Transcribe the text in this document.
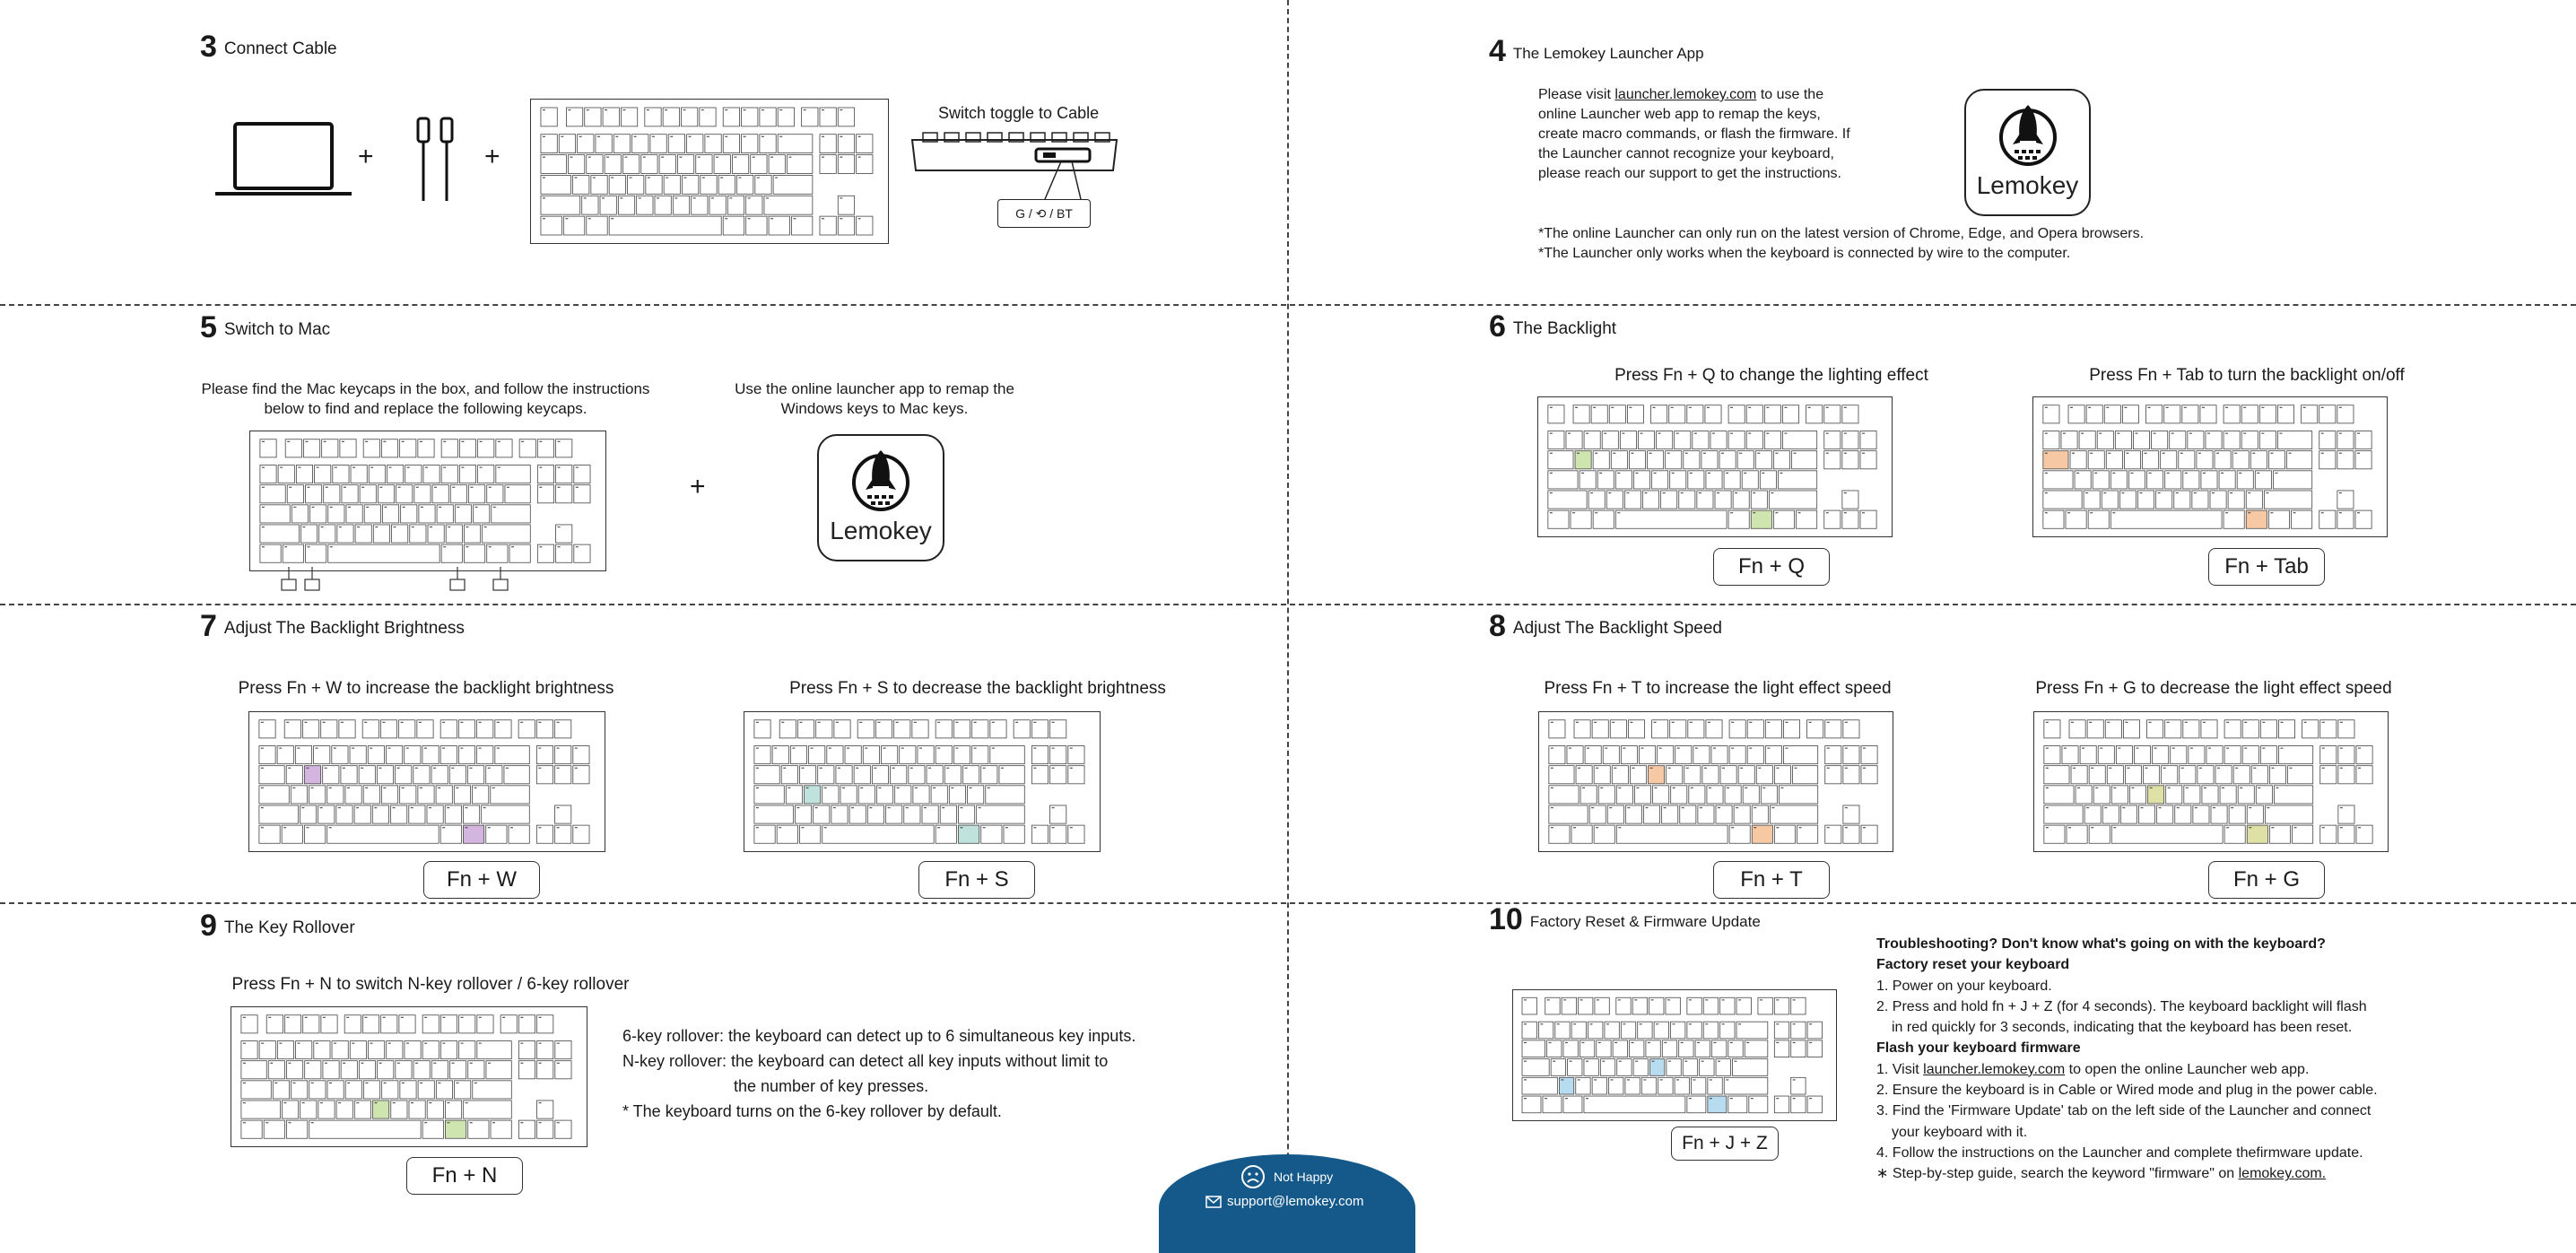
3 Connect Cable
+	+
Switch toggle to Cable
G / ⟲ / BT
4 The Lemokey Launcher App
Please visit launcher.lemokey.com to use the online Launcher web app to remap the keys, create macro commands, or flash the firmware. If the Launcher cannot recognize your keyboard, please reach our support to get the instructions.	Lemokey
*The online Launcher can only run on the latest version of Chrome, Edge, and Opera browsers.
*The Launcher only works when the keyboard is connected by wire to the computer.
5 Switch to Mac
Please find the Mac keycaps in the box, and follow the instructions below to find and replace the following keycaps.
+
Use the online launcher app to remap the Windows keys to Mac keys.
Lemokey
6 The Backlight
Press Fn + Q to change the lighting effect
Fn + Q
Press Fn + Tab to turn the backlight on/off
Fn + Tab
7 Adjust The Backlight Brightness
Press Fn + W to increase the backlight brightness
Fn + W
Press Fn + S to decrease the backlight brightness
Fn + S
8 Adjust The Backlight Speed
Press Fn + T to increase the light effect speed
Fn + T
Press Fn + G to decrease the light effect speed
Fn + G
9 The Key Rollover
Press Fn + N to switch N-key rollover / 6-key rollover
Fn + N
6-key rollover: the keyboard can detect up to 6 simultaneous key inputs.
N-key rollover: the keyboard can detect all key inputs without limit to
the number of key presses.
* The keyboard turns on the 6-key rollover by default.
10 Factory Reset & Firmware Update
Fn + J + Z
Troubleshooting? Don't know what's going on with the keyboard?
Factory reset your keyboard
1. Power on your keyboard.
2. Press and hold fn + J + Z (for 4 seconds). The keyboard backlight will flash
in red quickly for 3 seconds, indicating that the keyboard has been reset.
Flash your keyboard firmware
1. Visit launcher.lemokey.com to open the online Launcher web app.
2. Ensure the keyboard is in Cable or Wired mode and plug in the power cable.
3. Find the 'Firmware Update' tab on the left side of the Launcher and connect
your keyboard with it.
4. Follow the instructions on the Launcher and complete thefirmware update.
∗ Step-by-step guide, search the keyword "firmware" on lemokey.com.
Not Happy
support@lemokey.com
